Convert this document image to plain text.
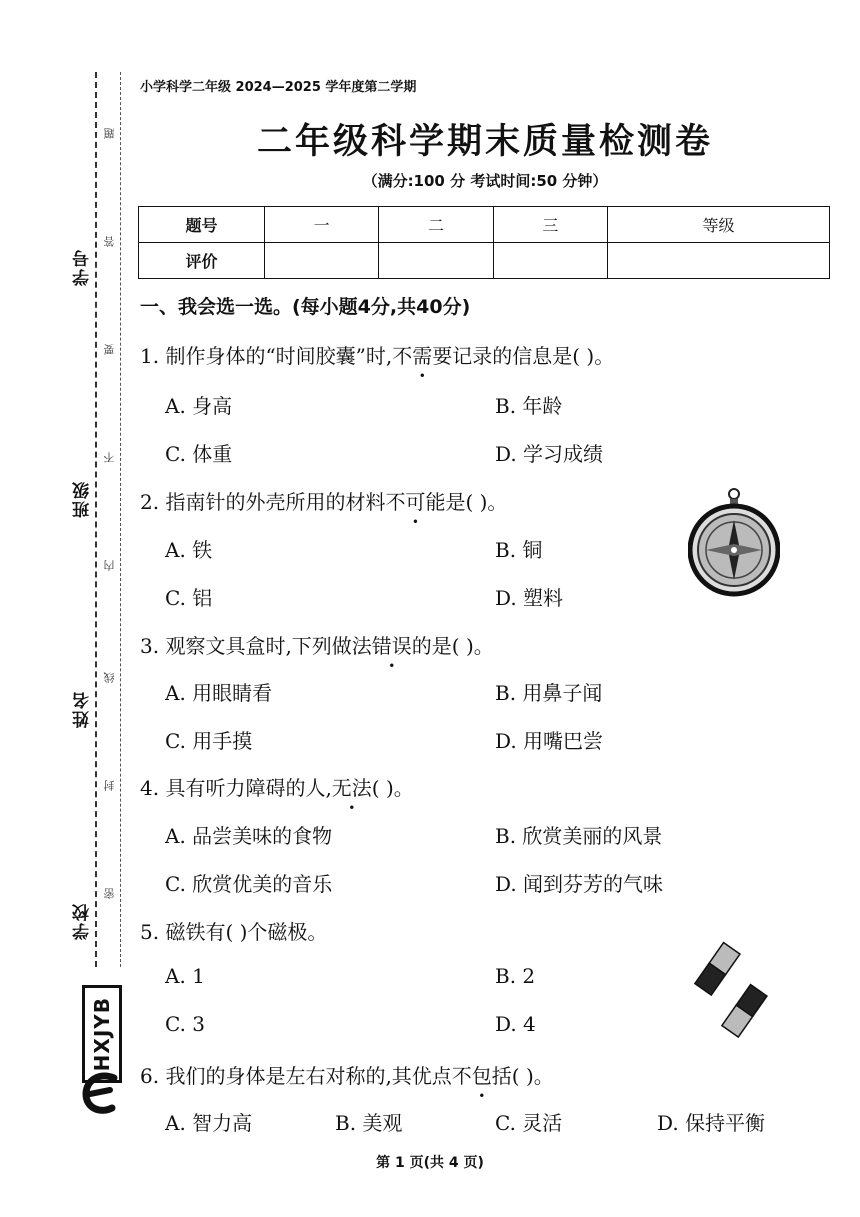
学号
班级
姓名
学校
題
答
要
不
内
线
封
密
HXJYB
小学科学二年级 2024—2025 学年度第二学期
二年级科学期末质量检测卷
（满分:100 分 考试时间:50 分钟）
题号	一	二	三	等级
评价				
一、我会选一选。(每小题4分,共40分)
1. 制作身体的“时间胶囊”时,不需要记录的信息是( )。
A. 身高	B. 年龄
C. 体重	D. 学习成绩
2. 指南针的外壳所用的材料不可能是( )。
A. 铁	B. 铜
C. 铝	D. 塑料
3. 观察文具盒时,下列做法错误的是( )。
A. 用眼睛看	B. 用鼻子闻
C. 用手摸	D. 用嘴巴尝
4. 具有听力障碍的人,无法( )。
A. 品尝美味的食物	B. 欣赏美丽的风景
C. 欣赏优美的音乐	D. 闻到芬芳的气味
5. 磁铁有( )个磁极。
A. 1	B. 2
C. 3	D. 4
6. 我们的身体是左右对称的,其优点不包括( )。
A. 智力高	B. 美观	C. 灵活	D. 保持平衡
第 1 页(共 4 页)
